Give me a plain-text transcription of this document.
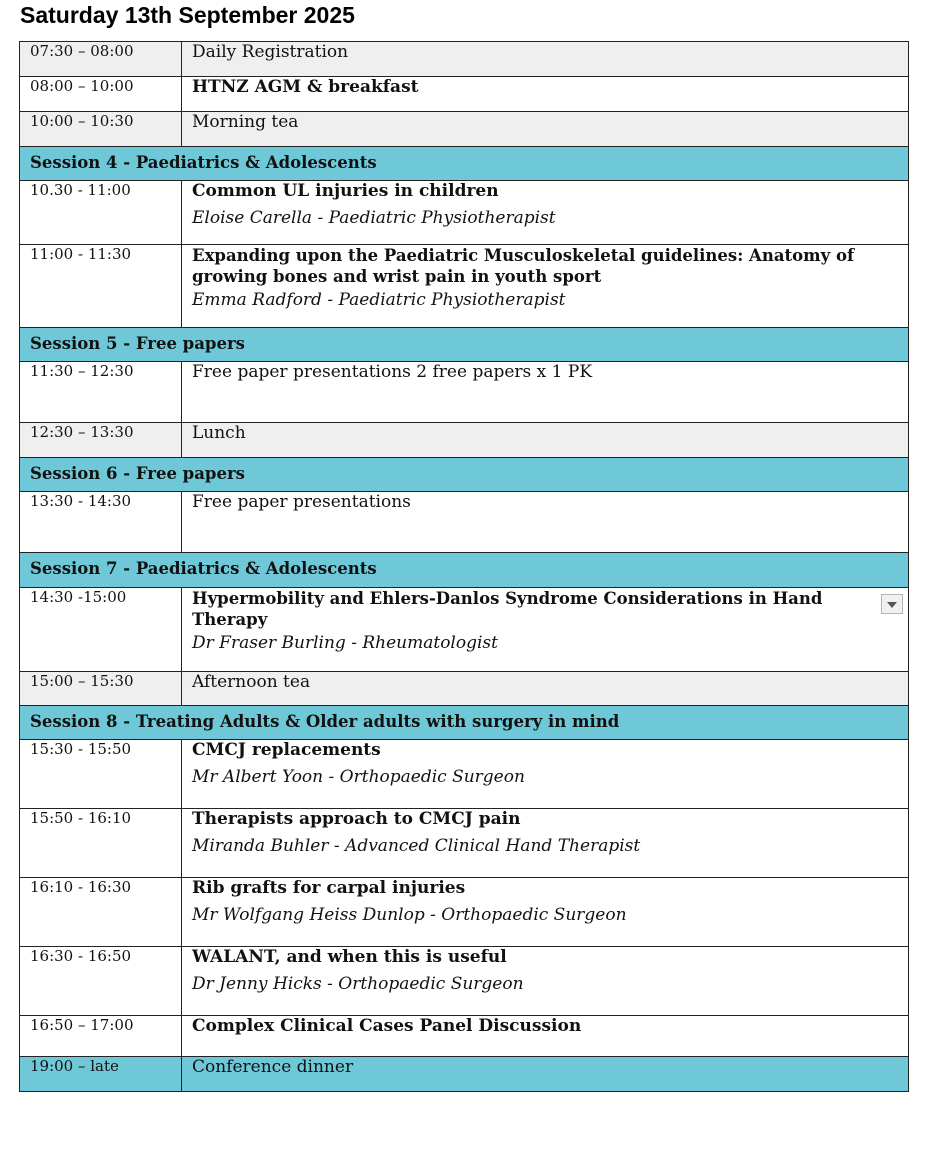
Saturday 13th September 2025
07:30 – 08:00	Daily Registration

08:00 – 10:00	HTNZ AGM & breakfast

10:00 – 10:30	Morning tea

Session 4 - Paediatrics & Adolescents	
10.30 - 11:00	Common UL injuries in children
Eloise Carella - Paediatric Physiotherapist

11:00 - 11:30	Expanding upon the Paediatric Musculoskeletal guidelines: Anatomy of growing bones and wrist pain in youth sport
Emma Radford - Paediatric Physiotherapist

Session 5 - Free papers	
11:30 – 12:30	Free paper presentations 2 free papers x 1 PK

12:30 – 13:30	Lunch

Session 6 - Free papers	
13:30 - 14:30	Free paper presentations

Session 7 - Paediatrics & Adolescents	
14:30 -15:00	Hypermobility and Ehlers-Danlos Syndrome Considerations in Hand Therapy
Dr Fraser Burling - Rheumatologist

15:00 – 15:30	Afternoon tea

Session 8 - Treating Adults & Older adults with surgery in mind	
15:30 - 15:50	CMCJ replacements
Mr Albert Yoon - Orthopaedic Surgeon

15:50 - 16:10	Therapists approach to CMCJ pain
Miranda Buhler - Advanced Clinical Hand Therapist

16:10 - 16:30	Rib grafts for carpal injuries
Mr Wolfgang Heiss Dunlop - Orthopaedic Surgeon

16:30 - 16:50	WALANT, and when this is useful
Dr Jenny Hicks - Orthopaedic Surgeon

16:50 – 17:00	Complex Clinical Cases Panel Discussion

19:00 – late	Conference dinner
